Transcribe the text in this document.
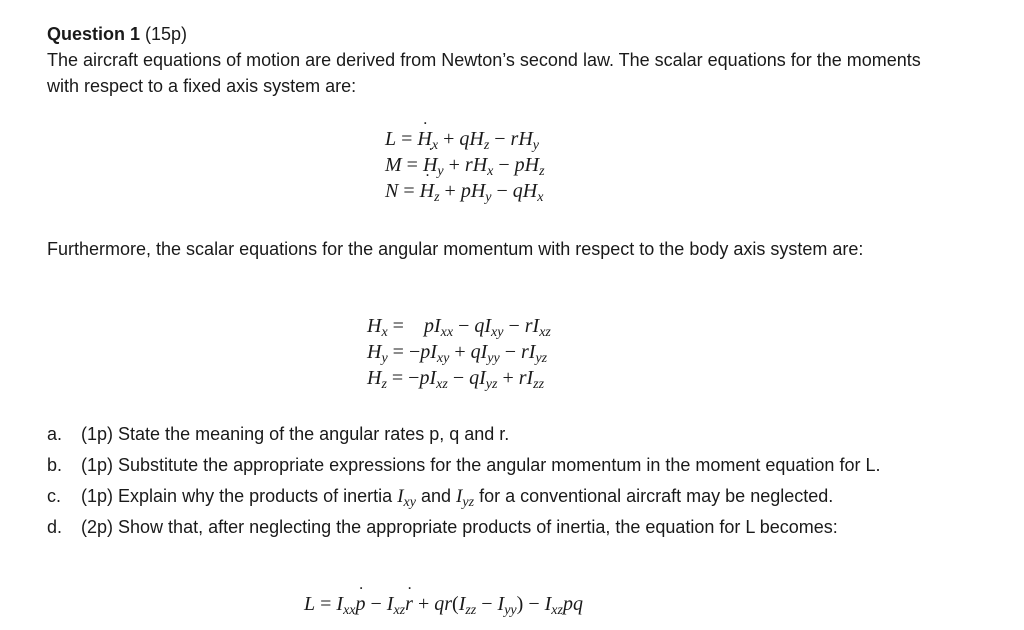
Question 1 (15p)
The aircraft equations of motion are derived from Newton’s second law. The scalar equations for the moments with respect to a fixed axis system are:
L = H $˙_x + qH_z - rH_y$
M = H $˙_y + rH_x - pH_z$
N = H $˙_z + pH_y - qH_x$
Furthermore, the scalar equations for the angular momentum with respect to the body axis system are:
$H_x$ =    $pI_{xx} - qI_{xy} - rI_{xz}$
$H_y = -pI_{xy} + qI_{yy} - rI_{yz}$
$H_z = -pI_{xz} - qI_{yz} + rI_{zz}$
a. (1p) State the meaning of the angular rates p, q and r.
b. (1p) Substitute the appropriate expressions for the angular momentum in the moment equation for L.
c. (1p) Explain why the products of inertia $I_{xy}$ and $I_{yz}$ for a conventional aircraft may be neglected.
d. (2p) Show that, after neglecting the appropriate products of inertia, the equation for L becomes:
$L = I_{xx}p$ ˙ − $I_{xz}r$ ˙ + $qr(I_{zz} - I_{yy}) - I_{xz}pq$
